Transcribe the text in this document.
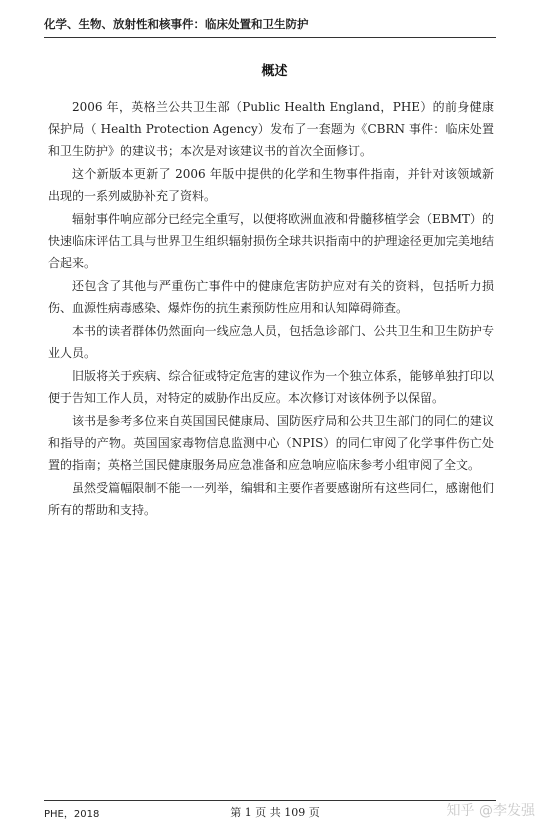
化学、生物、放射性和核事件：临床处置和卫生防护
概述

2006 年，英格兰公共卫生部（Public Health England，PHE）的前身健康保护局（ Health Protection Agency）发布了一套题为《CBRN 事件：临床处置和卫生防护》的建议书；本次是对该建议书的首次全面修订。

这个新版本更新了 2006 年版中提供的化学和生物事件指南，并针对该领域新出现的一系列威胁补充了资料。

辐射事件响应部分已经完全重写，以便将欧洲血液和骨髓移植学会（EBMT）的快速临床评估工具与世界卫生组织辐射损伤全球共识指南中的护理途径更加完美地结合起来。

还包含了其他与严重伤亡事件中的健康危害防护应对有关的资料，包括听力损伤、血源性病毒感染、爆炸伤的抗生素预防性应用和认知障碍筛查。

本书的读者群体仍然面向一线应急人员，包括急诊部门、公共卫生和卫生防护专业人员。

旧版将关于疾病、综合征或特定危害的建议作为一个独立体系，能够单独打印以便于告知工作人员，对特定的威胁作出反应。本次修订对该体例予以保留。

该书是参考多位来自英国国民健康局、国防医疗局和公共卫生部门的同仁的建议和指导的产物。英国国家毒物信息监测中心（NPIS）的同仁审阅了化学事件伤亡处置的指南；英格兰国民健康服务局应急准备和应急响应临床参考小组审阅了全文。

虽然受篇幅限制不能一一列举，编辑和主要作者要感谢所有这些同仁，感谢他们所有的帮助和支持。

PHE，2018	第 1 页 共 109 页	知乎 @李发强
